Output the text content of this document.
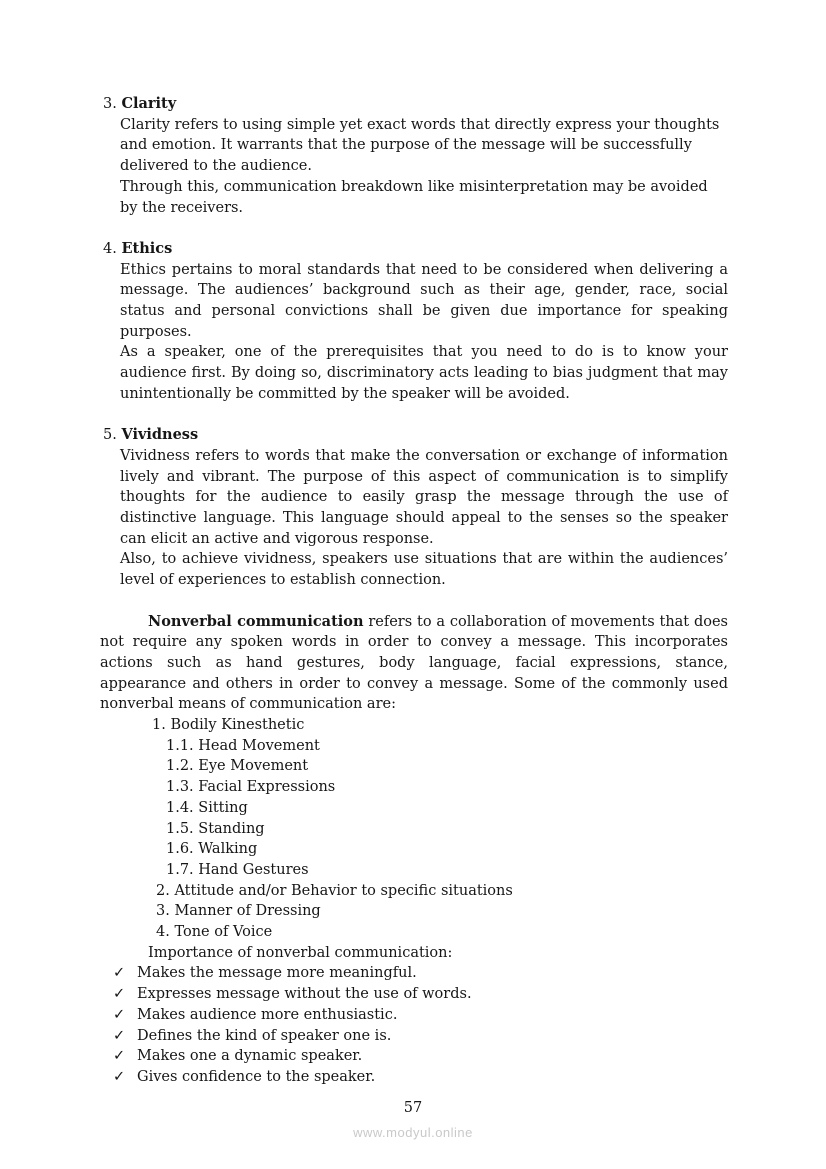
3. Clarity

Clarity refers to using simple yet exact words that directly express your thoughts and emotion. It warrants that the purpose of the message will be successfully delivered to the audience.

Through this, communication breakdown like misinterpretation may be avoided by the receivers.

4. Ethics

Ethics pertains to moral standards that need to be considered when delivering a message. The audiences’ background such as their age, gender, race, social status and personal convictions shall be given due importance for speaking purposes.

As a speaker, one of the prerequisites that you need to do is to know your audience first. By doing so, discriminatory acts leading to bias judgment that may unintentionally be committed by the speaker will be avoided.

5. Vividness

Vividness refers to words that make the conversation or exchange of information lively and vibrant. The purpose of this aspect of communication is to simplify thoughts for the audience to easily grasp the message through the use of distinctive language. This language should appeal to the senses so the speaker can elicit an active and vigorous response.

Also, to achieve vividness, speakers use situations that are within the audiences’ level of experiences to establish connection.

Nonverbal communication refers to a collaboration of movements that does not require any spoken words in order to convey a message. This incorporates actions such as hand gestures, body language, facial expressions, stance, appearance and others in order to convey a message. Some of the commonly used nonverbal means of communication are:

1. Bodily Kinesthetic
1.1. Head Movement
1.2. Eye Movement
1.3. Facial Expressions
1.4. Sitting
1.5. Standing
1.6. Walking
1.7. Hand Gestures
2. Attitude and/or Behavior to specific situations
3. Manner of Dressing
4. Tone of Voice
Importance of nonverbal communication:
✓ Makes the message more meaningful.
✓ Expresses message without the use of words.
✓ Makes audience more enthusiastic.
✓ Defines the kind of speaker one is.
✓ Makes one a dynamic speaker.
✓ Gives confidence to the speaker.
57
www.modyul.online
